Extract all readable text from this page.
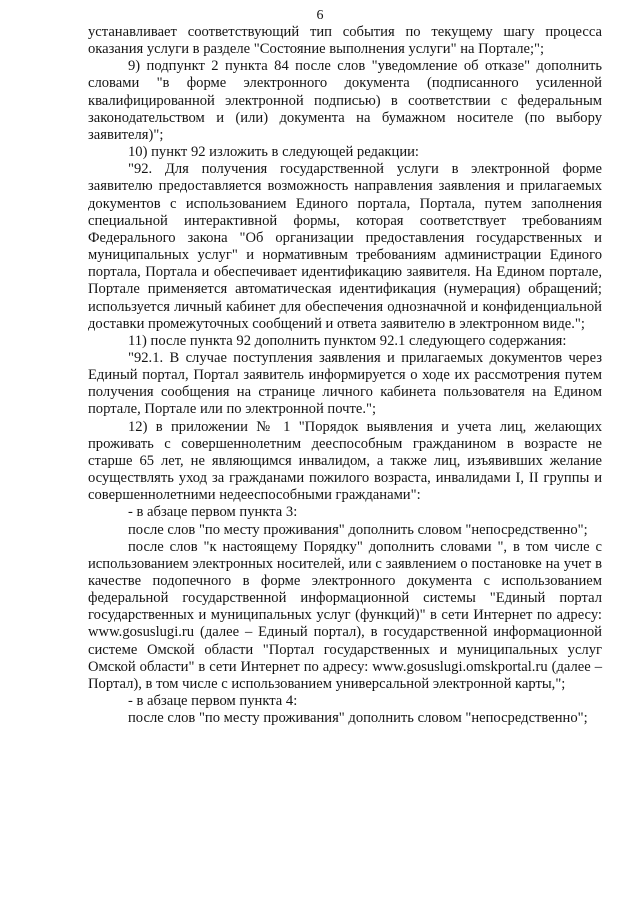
6

устанавливает соответствующий тип события по текущему шагу процесса оказания услуги в разделе "Состояние выполнения услуги" на Портале;";

9) подпункт 2 пункта 84 после слов "уведомление об отказе" дополнить словами "в форме электронного документа (подписанного усиленной квалифицированной электронной подписью) в соответствии с федеральным законодательством и (или) документа на бумажном носителе (по выбору заявителя)";

10) пункт 92 изложить в следующей редакции:

"92. Для получения государственной услуги в электронной форме заявителю предоставляется возможность направления заявления и прилагаемых документов с использованием Единого портала, Портала, путем заполнения специальной интерактивной формы, которая соответствует требованиям Федерального закона "Об организации предоставления государственных и муниципальных услуг" и нормативным требованиям администрации Единого портала, Портала и обеспечивает идентификацию заявителя. На Едином портале, Портале применяется автоматическая идентификация (нумерация) обращений; используется личный кабинет для обеспечения однозначной и конфиденциальной доставки промежуточных сообщений и ответа заявителю в электронном виде.";

11) после пункта 92 дополнить пунктом 92.1 следующего содержания:

"92.1. В случае поступления заявления и прилагаемых документов через Единый портал, Портал заявитель информируется о ходе их рассмотрения путем получения сообщения на странице личного кабинета пользователя на Едином портале, Портале или по электронной почте.";

12) в приложении № 1 "Порядок выявления и учета лиц, желающих проживать с совершеннолетним дееспособным гражданином в возрасте не старше 65 лет, не являющимся инвалидом, а также лиц, изъявивших желание осуществлять уход за гражданами пожилого возраста, инвалидами I, II группы и совершеннолетними недееспособными гражданами":

- в абзаце первом пункта 3:

после слов "по месту проживания" дополнить словом "непосредственно";

после слов "к настоящему Порядку" дополнить словами ", в том числе с использованием электронных носителей, или с заявлением о постановке на учет в качестве подопечного в форме электронного документа с использованием федеральной государственной информационной системы "Единый портал государственных и муниципальных услуг (функций)" в сети Интернет по адресу: www.gosuslugi.ru (далее – Единый портал), в государственной информационной системе Омской области "Портал государственных и муниципальных услуг Омской области" в сети Интернет по адресу: www.gosuslugi.omskportal.ru (далее – Портал), в том числе с использованием универсальной электронной карты,";

- в абзаце первом пункта 4:

после слов "по месту проживания" дополнить словом "непосредственно";
